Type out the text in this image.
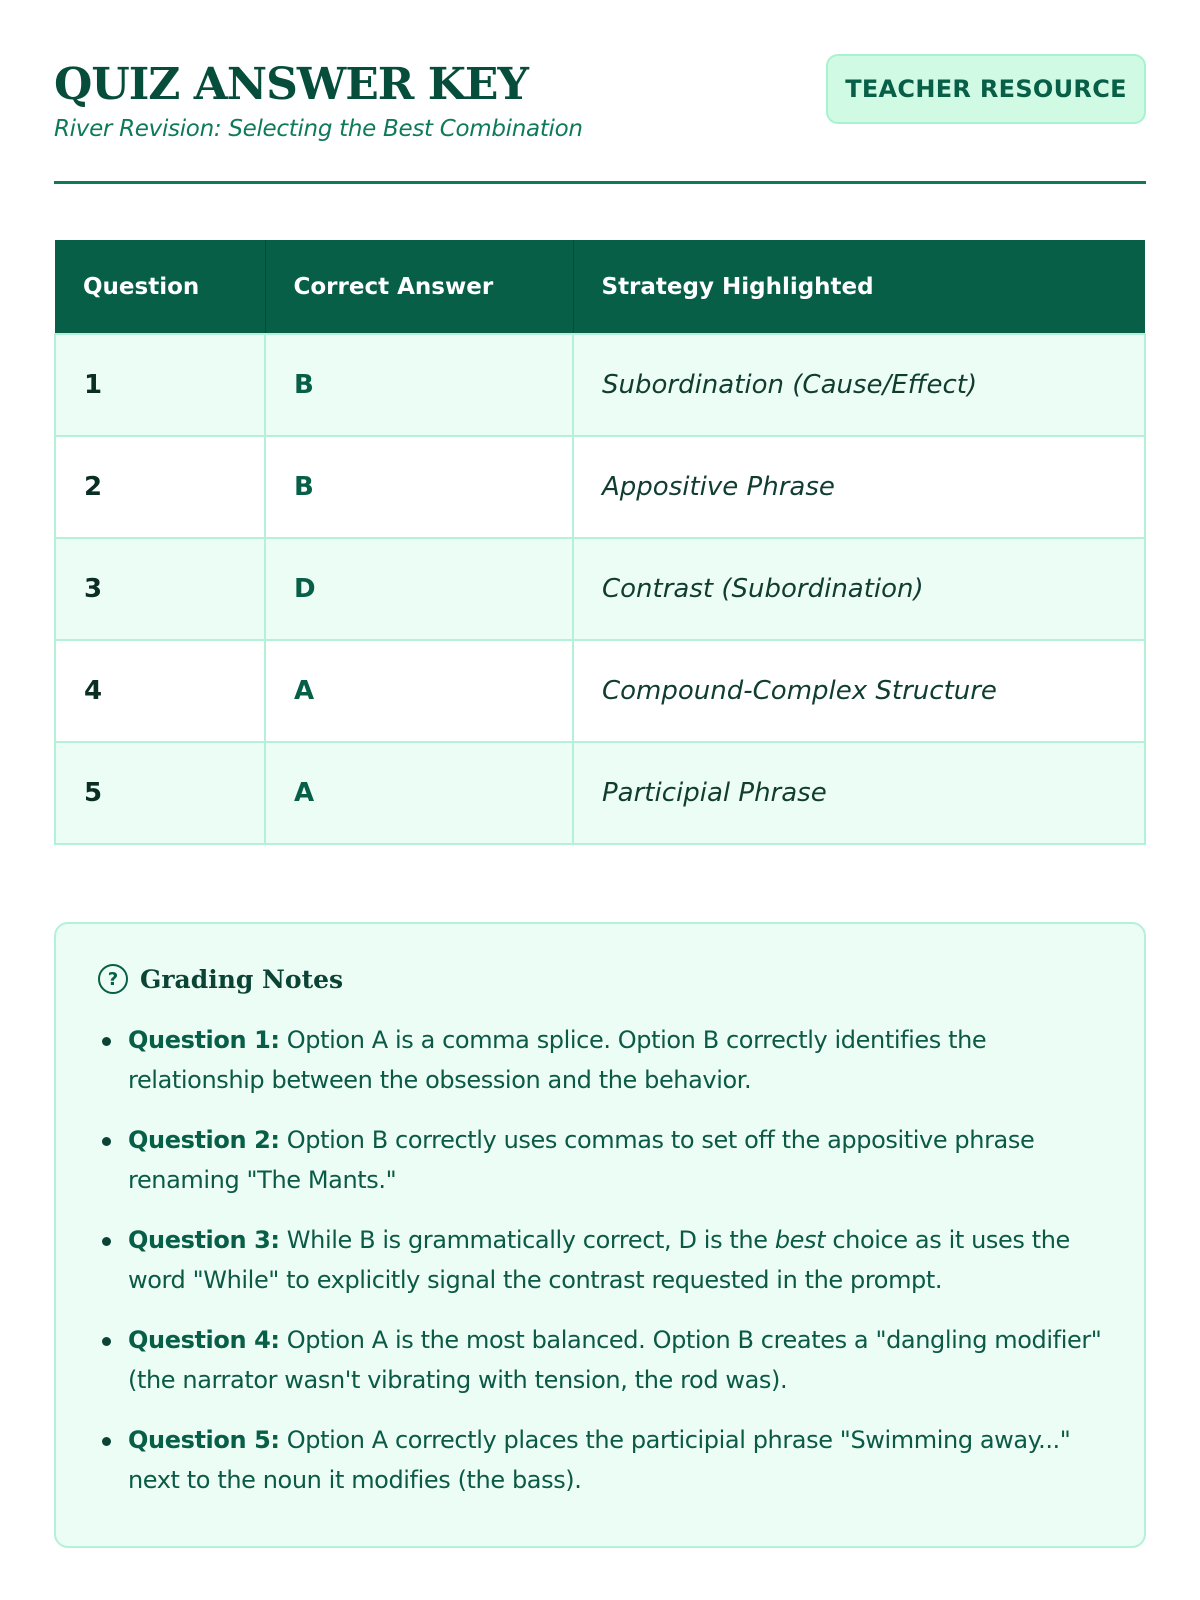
QUIZ ANSWER KEY
River Revision: Selecting the Best Combination
TEACHER RESOURCE
Question	Correct Answer	Strategy Highlighted
1	B	Subordination (Cause/Effect)
2	B	Appositive Phrase
3	D	Contrast (Subordination)
4	A	Compound-Complex Structure
5	A	Participial Phrase
? Grading Notes
Question 1: Option A is a comma splice. Option B correctly identifies the relationship between the obsession and the behavior.
Question 2: Option B correctly uses commas to set off the appositive phrase renaming "The Mants."
Question 3: While B is grammatically correct, D is the best choice as it uses the word "While" to explicitly signal the contrast requested in the prompt.
Question 4: Option A is the most balanced. Option B creates a "dangling modifier" (the narrator wasn't vibrating with tension, the rod was).
Question 5: Option A correctly places the participial phrase "Swimming away..." next to the noun it modifies (the bass).
